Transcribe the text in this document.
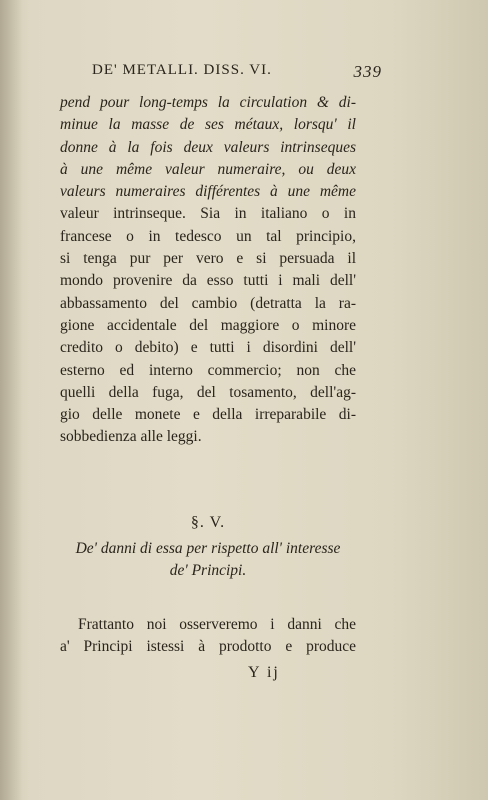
DE' METALLI. DISS. VI.	339
pend pour long-temps la circulation & di-
minue la masse de ses métaux, lorsqu' il
donne à la fois deux valeurs intrinseques
à une même valeur numeraire, ou deux
valeurs numeraires différentes à une même
valeur intrinseque. Sia in italiano o in
francese o in tedesco un tal principio,
si tenga pur per vero e si persuada il
mondo provenire da esso tutti i mali dell'
abbassamento del cambio (detratta la ra-
gione accidentale del maggiore o minore
credito o debito) e tutti i disordini dell'
esterno ed interno commercio; non che
quelli della fuga, del tosamento, dell'ag-
gio delle monete e della irreparabile di-
sobbedienza alle leggi.
§. V.
De' danni di essa per rispetto all' interesse
de' Principi.
Frattanto noi osserveremo i danni che
a' Principi istessi à prodotto e produce
Y ij
